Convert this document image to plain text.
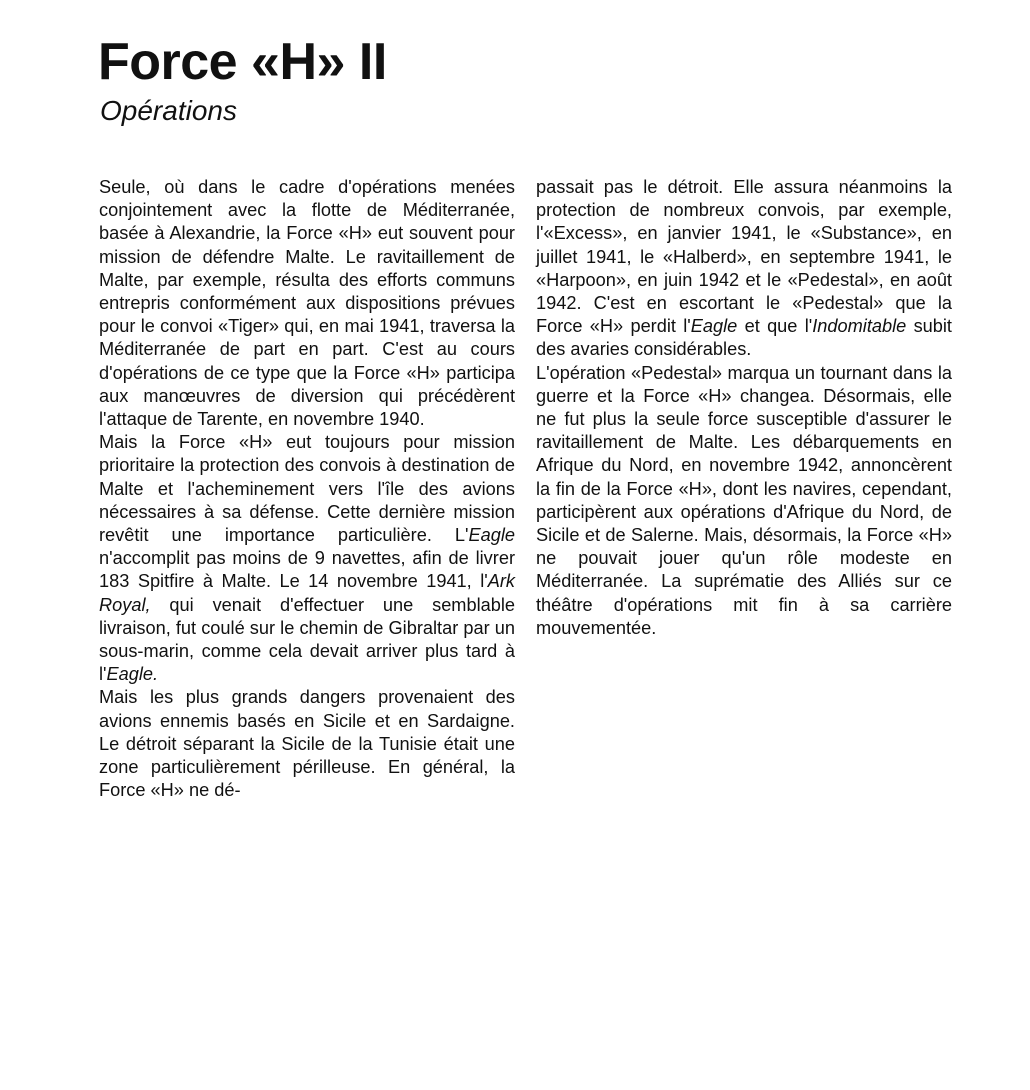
Force «H» II
Opérations

Seule, où dans le cadre d'opérations menées conjointement avec la flotte de Méditerranée, basée à Alexandrie, la Force «H» eut souvent pour mission de défendre Malte. Le ravitaillement de Malte, par exemple, résulta des efforts communs entrepris conformément aux dispositions prévues pour le convoi «Tiger» qui, en mai 1941, traversa la Méditerranée de part en part. C'est au cours d'opérations de ce type que la Force «H» participa aux manœuvres de diversion qui précédèrent l'attaque de Tarente, en novembre 1940.

Mais la Force «H» eut toujours pour mission prioritaire la protection des convois à destination de Malte et l'acheminement vers l'île des avions nécessaires à sa défense. Cette dernière mission revêtit une importance particulière. L'Eagle n'accomplit pas moins de 9 navettes, afin de livrer 183 Spitfire à Malte. Le 14 novembre 1941, l'Ark Royal, qui venait d'effectuer une semblable livraison, fut coulé sur le chemin de Gibraltar par un sous-marin, comme cela devait arriver plus tard à l'Eagle.

Mais les plus grands dangers provenaient des avions ennemis basés en Sicile et en Sardaigne. Le détroit séparant la Sicile de la Tunisie était une zone particulièrement périlleuse. En général, la Force «H» ne dé-

passait pas le détroit. Elle assura néanmoins la protection de nombreux convois, par exemple, l'«Excess», en janvier 1941, le «Substance», en juillet 1941, le «Halberd», en septembre 1941, le «Harpoon», en juin 1942 et le «Pedestal», en août 1942. C'est en escortant le «Pedestal» que la Force «H» perdit l'Eagle et que l'Indomitable subit des avaries considérables.

L'opération «Pedestal» marqua un tournant dans la guerre et la Force «H» changea. Désormais, elle ne fut plus la seule force susceptible d'assurer le ravitaillement de Malte. Les débarquements en Afrique du Nord, en novembre 1942, annoncèrent la fin de la Force «H», dont les navires, cependant, participèrent aux opérations d'Afrique du Nord, de Sicile et de Salerne. Mais, désormais, la Force «H» ne pouvait jouer qu'un rôle modeste en Méditerranée. La suprématie des Alliés sur ce théâtre d'opérations mit fin à sa carrière mouvementée.
